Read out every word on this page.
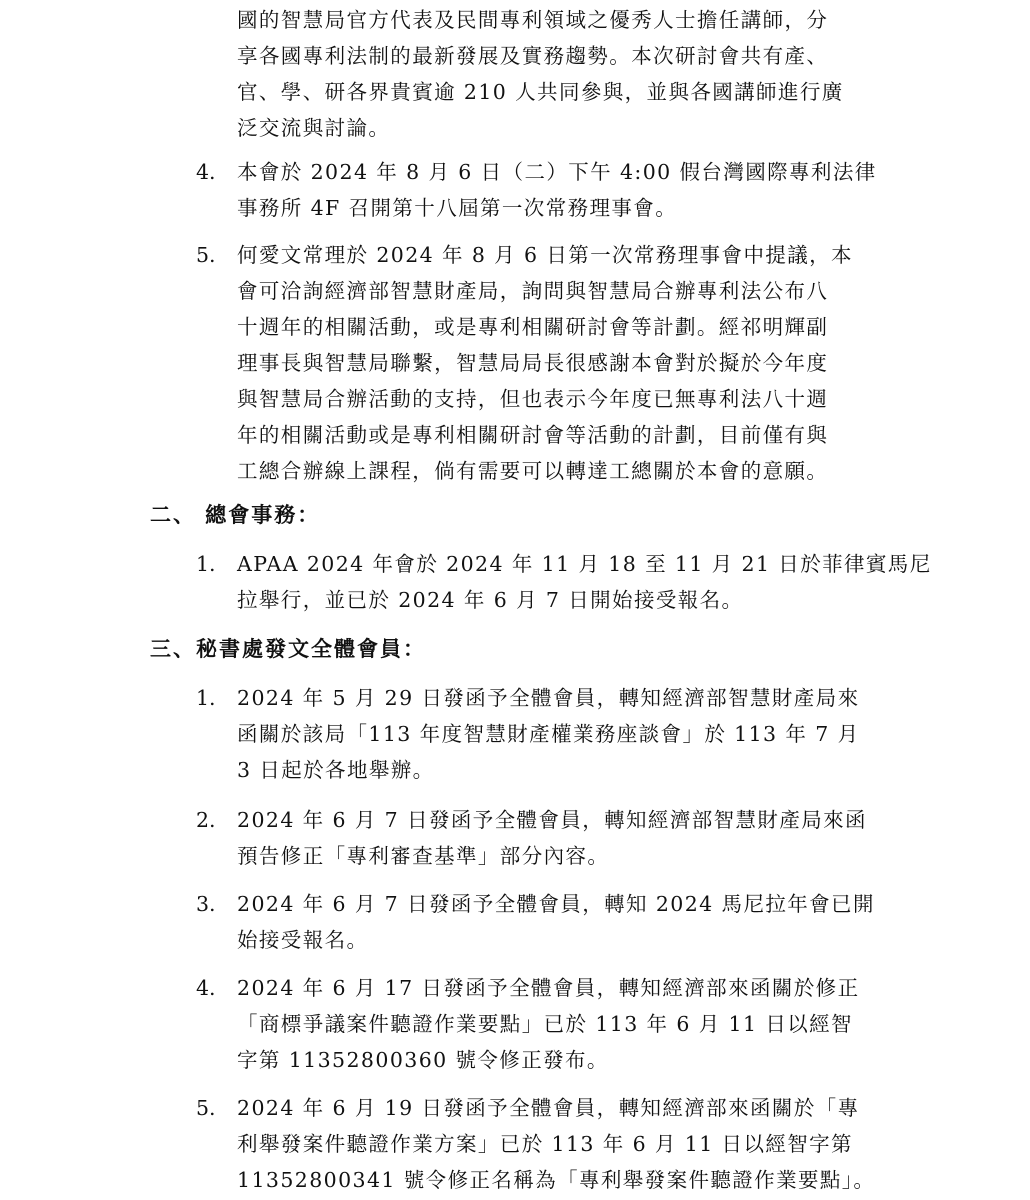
國的智慧局官方代表及民間專利領域之優秀人士擔任講師，分
享各國專利法制的最新發展及實務趨勢。本次研討會共有產、
官、學、研各界貴賓逾 210 人共同參與，並與各國講師進行廣
泛交流與討論。
4. 本會於 2024 年 8 月 6 日（二）下午 4:00 假台灣國際專利法律
事務所 4F 召開第十八屆第一次常務理事會。
5. 何愛文常理於 2024 年 8 月 6 日第一次常務理事會中提議，本
會可洽詢經濟部智慧財產局，詢問與智慧局合辦專利法公布八
十週年的相關活動，或是專利相關研討會等計劃。經祁明輝副
理事長與智慧局聯繫，智慧局局長很感謝本會對於擬於今年度
與智慧局合辦活動的支持，但也表示今年度已無專利法八十週
年的相關活動或是專利相關研討會等活動的計劃，目前僅有與
工總合辦線上課程，倘有需要可以轉達工總關於本會的意願。
二、 總會事務：
1. APAA 2024 年會於 2024 年 11 月 18 至 11 月 21 日於菲律賓馬尼
拉舉行，並已於 2024 年 6 月 7 日開始接受報名。
三、秘書處發文全體會員：
1. 2024 年 5 月 29 日發函予全體會員，轉知經濟部智慧財產局來
函關於該局「113 年度智慧財產權業務座談會」於 113 年 7 月
3 日起於各地舉辦。
2. 2024 年 6 月 7 日發函予全體會員，轉知經濟部智慧財產局來函
預告修正「專利審查基準」部分內容。
3. 2024 年 6 月 7 日發函予全體會員，轉知 2024 馬尼拉年會已開
始接受報名。
4. 2024 年 6 月 17 日發函予全體會員，轉知經濟部來函關於修正
「商標爭議案件聽證作業要點」已於 113 年 6 月 11 日以經智
字第 11352800360 號令修正發布。
5. 2024 年 6 月 19 日發函予全體會員，轉知經濟部來函關於「專
利舉發案件聽證作業方案」已於 113 年 6 月 11 日以經智字第
11352800341 號令修正名稱為「專利舉發案件聽證作業要點」。
